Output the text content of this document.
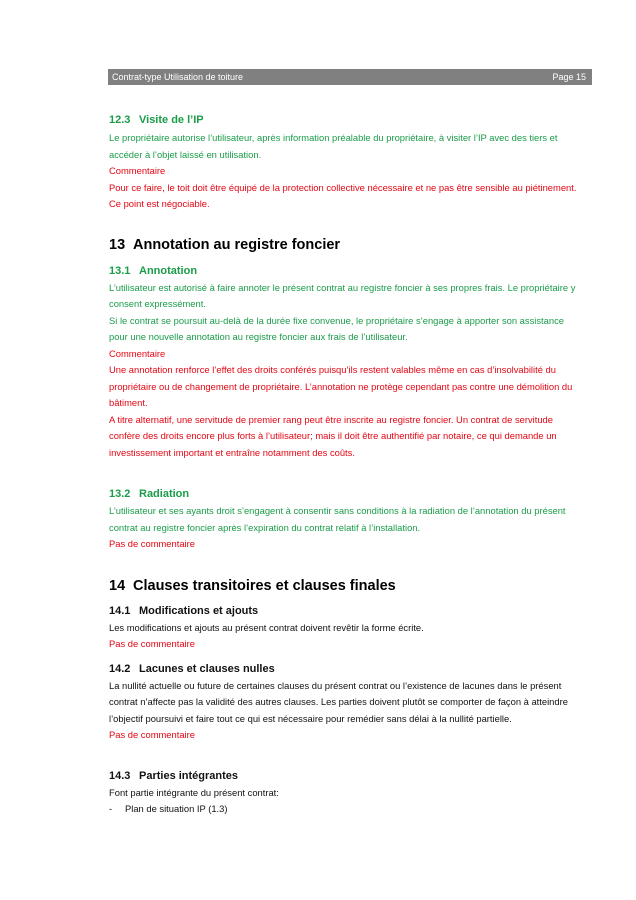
Contrat-type Utilisation de toiture	Page 15

12.3 Visite de l’IP

Le propriétaire autorise l’utilisateur, après information préalable du propriétaire, à visiter l’IP avec des tiers et

accéder à l’objet laissé en utilisation.

Commentaire

Pour ce faire, le toit doit être équipé de la protection collective nécessaire et ne pas être sensible au piétinement.

Ce point est négociable.

13 Annotation au registre foncier

13.1 Annotation

L’utilisateur est autorisé à faire annoter le présent contrat au registre foncier à ses propres frais. Le propriétaire y

consent expressément.

Si le contrat se poursuit au-delà de la durée fixe convenue, le propriétaire s’engage à apporter son assistance

pour une nouvelle annotation au registre foncier aux frais de l’utilisateur.

Commentaire

Une annotation renforce l’effet des droits conférés puisqu’ils restent valables même en cas d’insolvabilité du

propriétaire ou de changement de propriétaire. L’annotation ne protège cependant pas contre une démolition du

bâtiment.

A titre alternatif, une servitude de premier rang peut être inscrite au registre foncier. Un contrat de servitude

confère des droits encore plus forts à l’utilisateur; mais il doit être authentifié par notaire, ce qui demande un

investissement important et entraîne notamment des coûts.

13.2 Radiation

L’utilisateur et ses ayants droit s’engagent à consentir sans conditions à la radiation de l’annotation du présent

contrat au registre foncier après l’expiration du contrat relatif à l’installation.

Pas de commentaire

14 Clauses transitoires et clauses finales

14.1 Modifications et ajouts

Les modifications et ajouts au présent contrat doivent revêtir la forme écrite.

Pas de commentaire

14.2 Lacunes et clauses nulles

La nullité actuelle ou future de certaines clauses du présent contrat ou l’existence de lacunes dans le présent

contrat n’affecte pas la validité des autres clauses. Les parties doivent plutôt se comporter de façon à atteindre

l’objectif poursuivi et faire tout ce qui est nécessaire pour remédier sans délai à la nullité partielle.

Pas de commentaire

14.3 Parties intégrantes

Font partie intégrante du présent contrat:

-	Plan de situation IP (1.3)
